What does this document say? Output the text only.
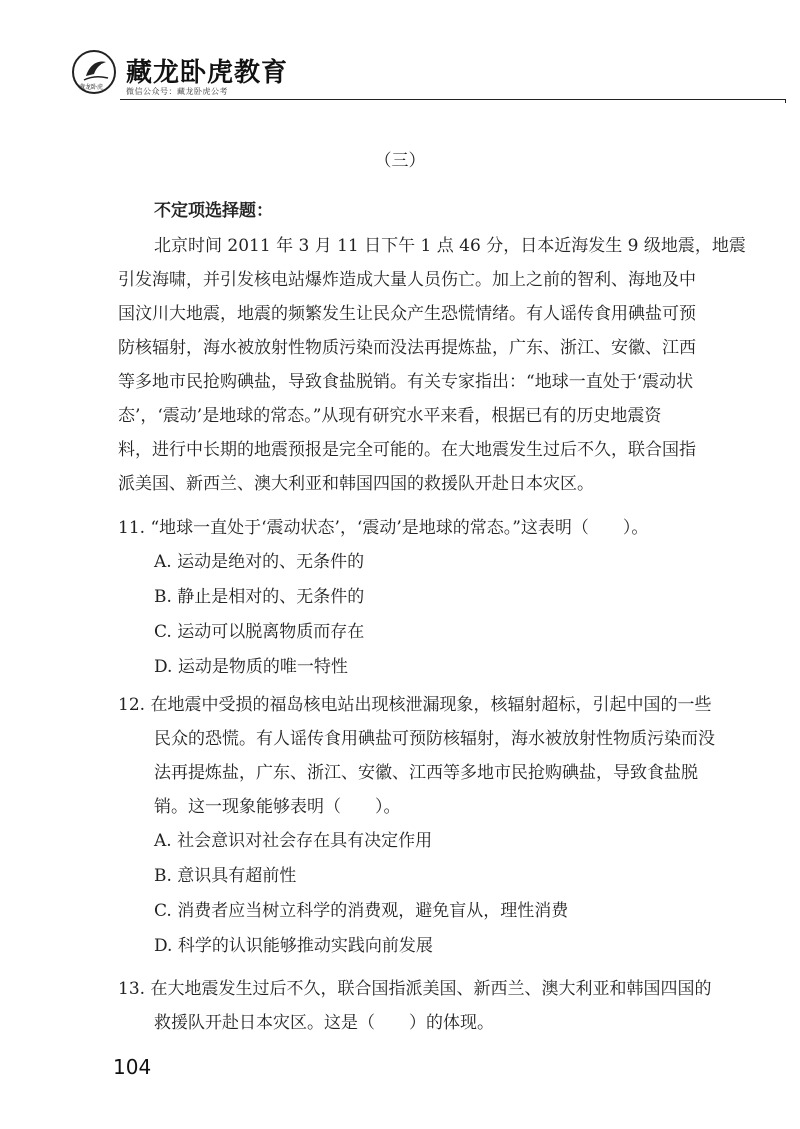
藏龙卧虎 藏龙卧虎教育
微信公众号：藏龙卧虎公考
（三）
不定项选择题：
北京时间 2011 年 3 月 11 日下午 1 点 46 分，日本近海发生 9 级地震，地震
引发海啸，并引发核电站爆炸造成大量人员伤亡。加上之前的智利、海地及中
国汶川大地震，地震的频繁发生让民众产生恐慌情绪。有人谣传食用碘盐可预
防核辐射，海水被放射性物质污染而没法再提炼盐，广东、浙江、安徽、江西
等多地市民抢购碘盐，导致食盐脱销。有关专家指出：“地球一直处于‘震动状
态’，‘震动’是地球的常态。”从现有研究水平来看，根据已有的历史地震资
料，进行中长期的地震预报是完全可能的。在大地震发生过后不久，联合国指
派美国、新西兰、澳大利亚和韩国四国的救援队开赴日本灾区。
11. “地球一直处于‘震动状态’，‘震动’是地球的常态。”这表明（　　）。
A. 运动是绝对的、无条件的
B. 静止是相对的、无条件的
C. 运动可以脱离物质而存在
D. 运动是物质的唯一特性
12. 在地震中受损的福岛核电站出现核泄漏现象，核辐射超标，引起中国的一些
民众的恐慌。有人谣传食用碘盐可预防核辐射，海水被放射性物质污染而没
法再提炼盐，广东、浙江、安徽、江西等多地市民抢购碘盐，导致食盐脱
销。这一现象能够表明（　　）。
A. 社会意识对社会存在具有决定作用
B. 意识具有超前性
C. 消费者应当树立科学的消费观，避免盲从，理性消费
D. 科学的认识能够推动实践向前发展
13. 在大地震发生过后不久，联合国指派美国、新西兰、澳大利亚和韩国四国的
救援队开赴日本灾区。这是（　　）的体现。
104
